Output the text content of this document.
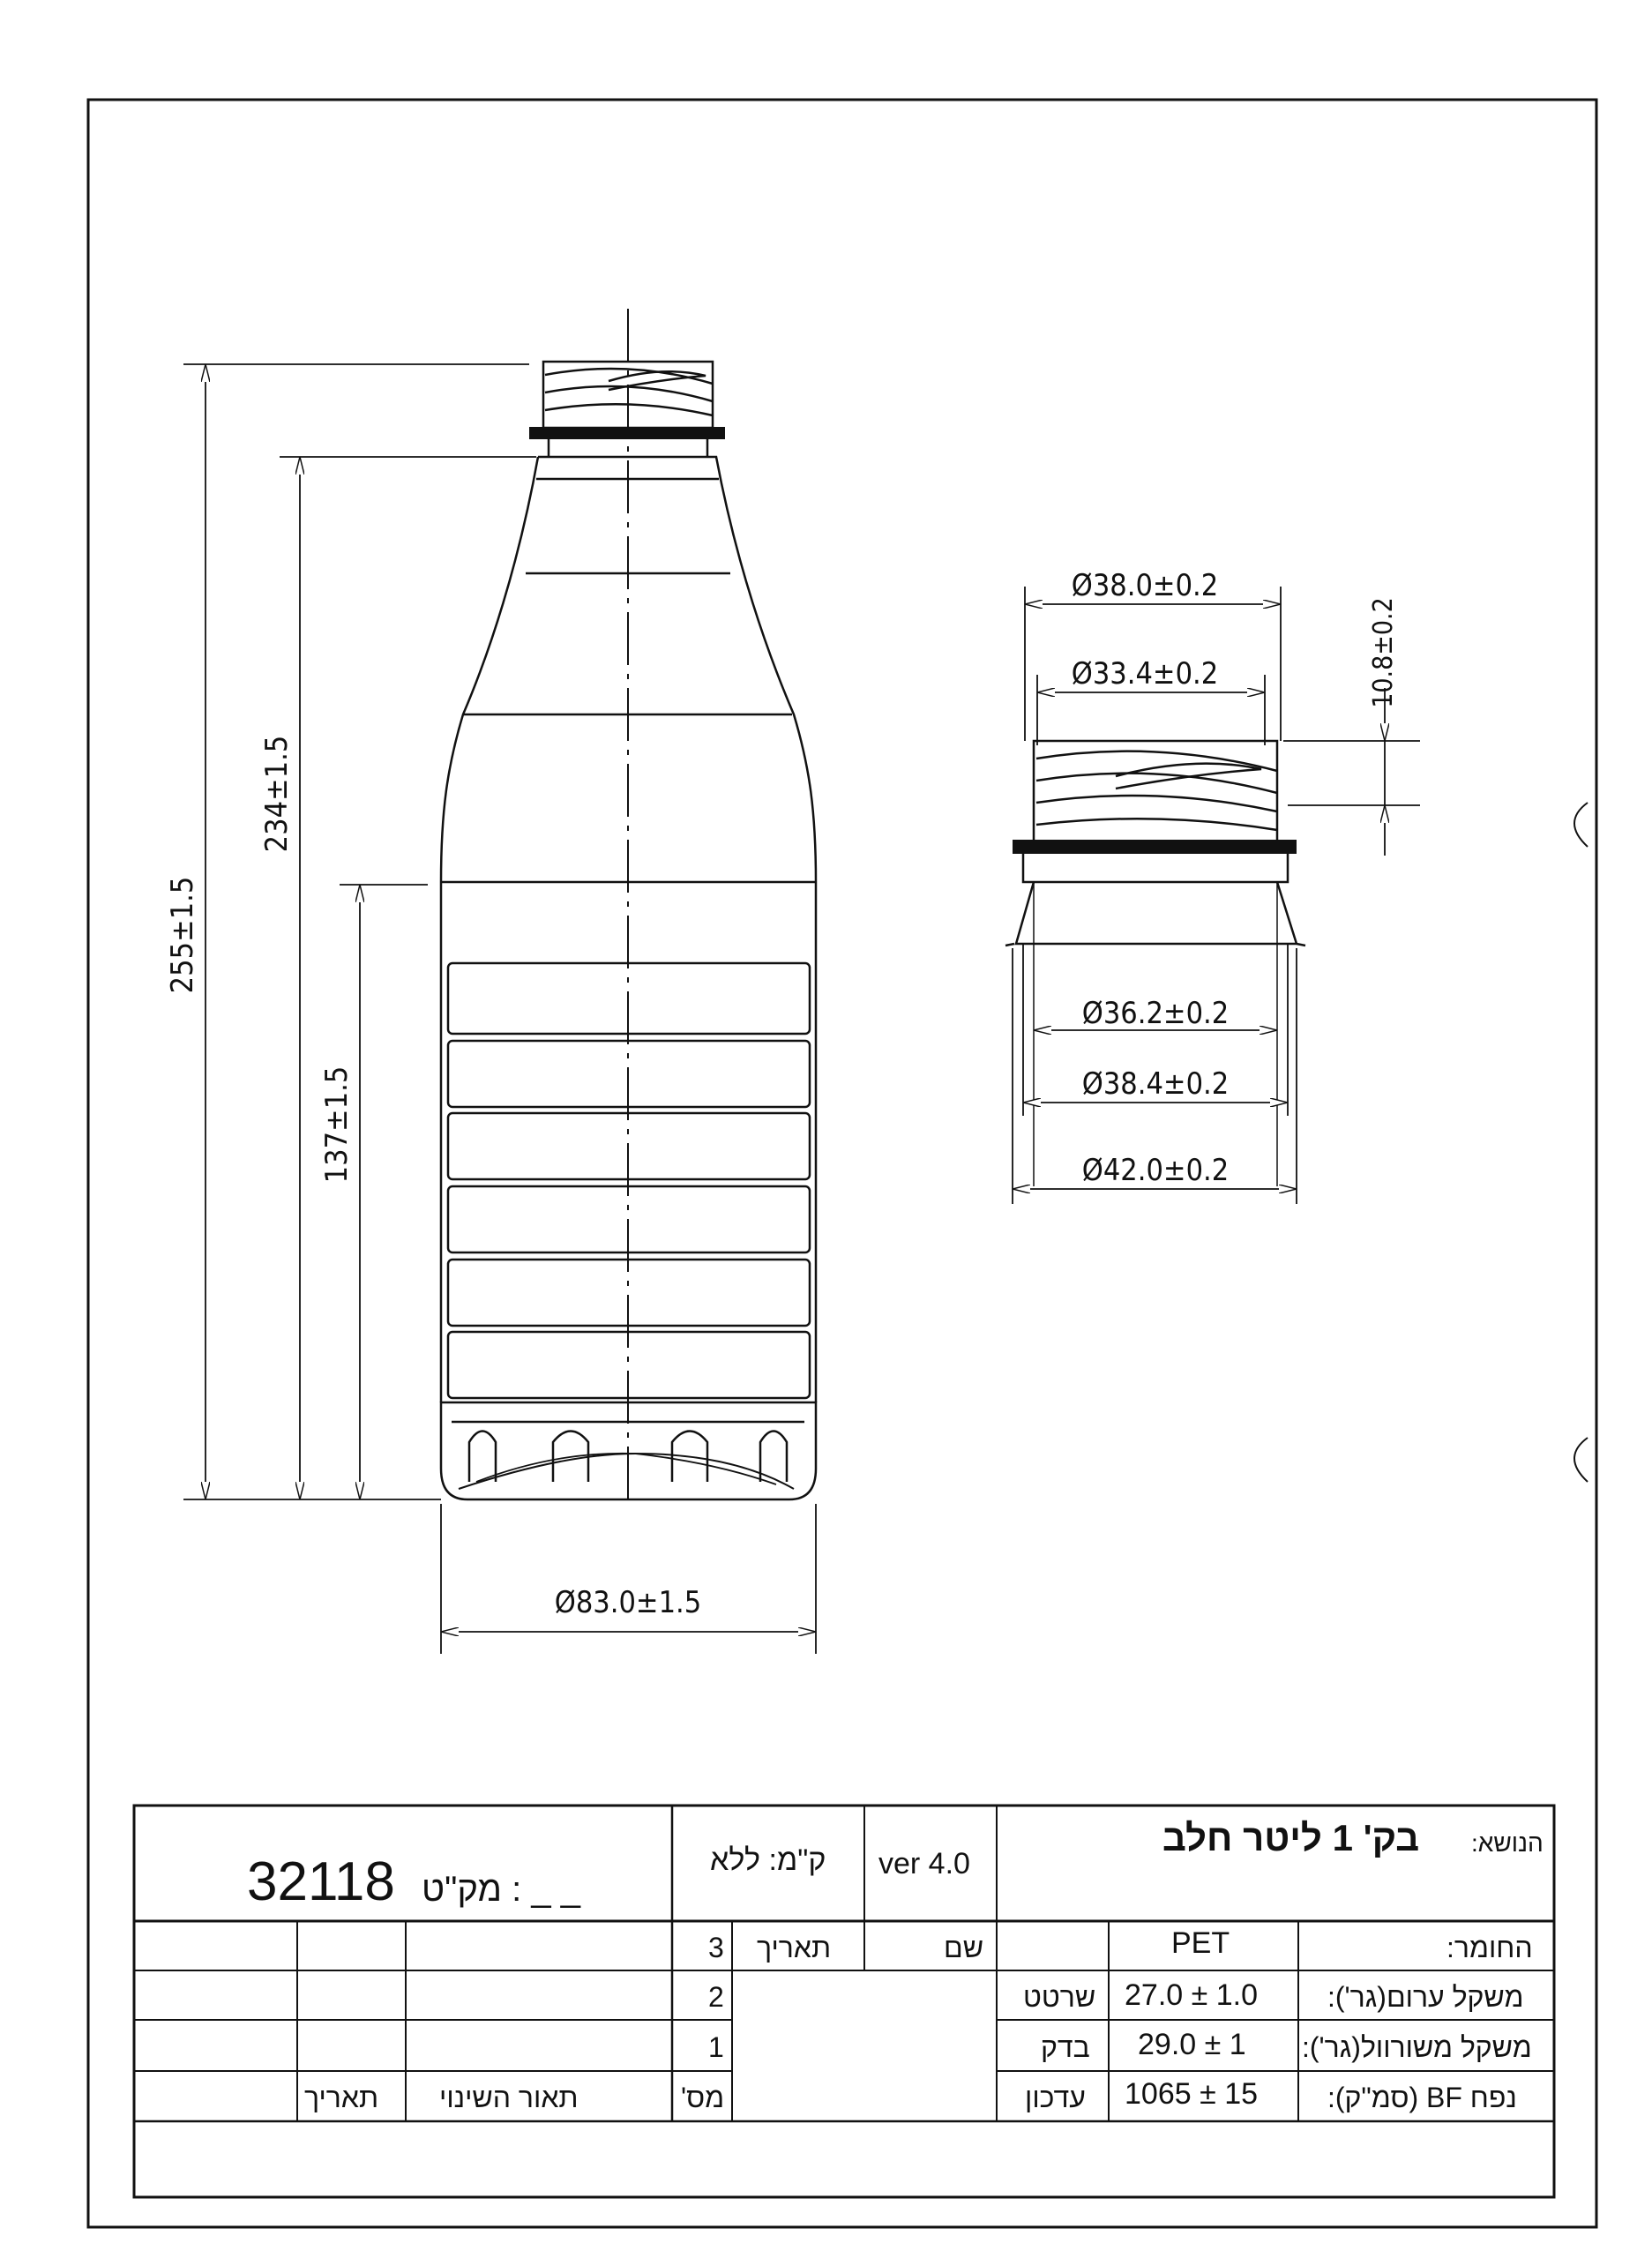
255±1.5
234±1.5
137±1.5
Ø83.0±1.5
Ø38.0±0.2
Ø33.4±0.2	10.8±0.2
Ø36.2±0.2
Ø38.4±0.2
Ø42.0±0.2
מק"ט : _ _
32118	ק"מ: ללא ver 4.0
הנושא:
בק' 1 ליטר חלב
החומר:
PET
משקל ערום(גר'):
27.0 ± 1.0
משקל משורוול(גר'):
29.0 ± 1
נפח BF (סמ"ק):
1065 ± 15
שם
תאריך
שרטט
בדק
עדכון
3
2
1
מס'
תאור השינוי
תאריך
